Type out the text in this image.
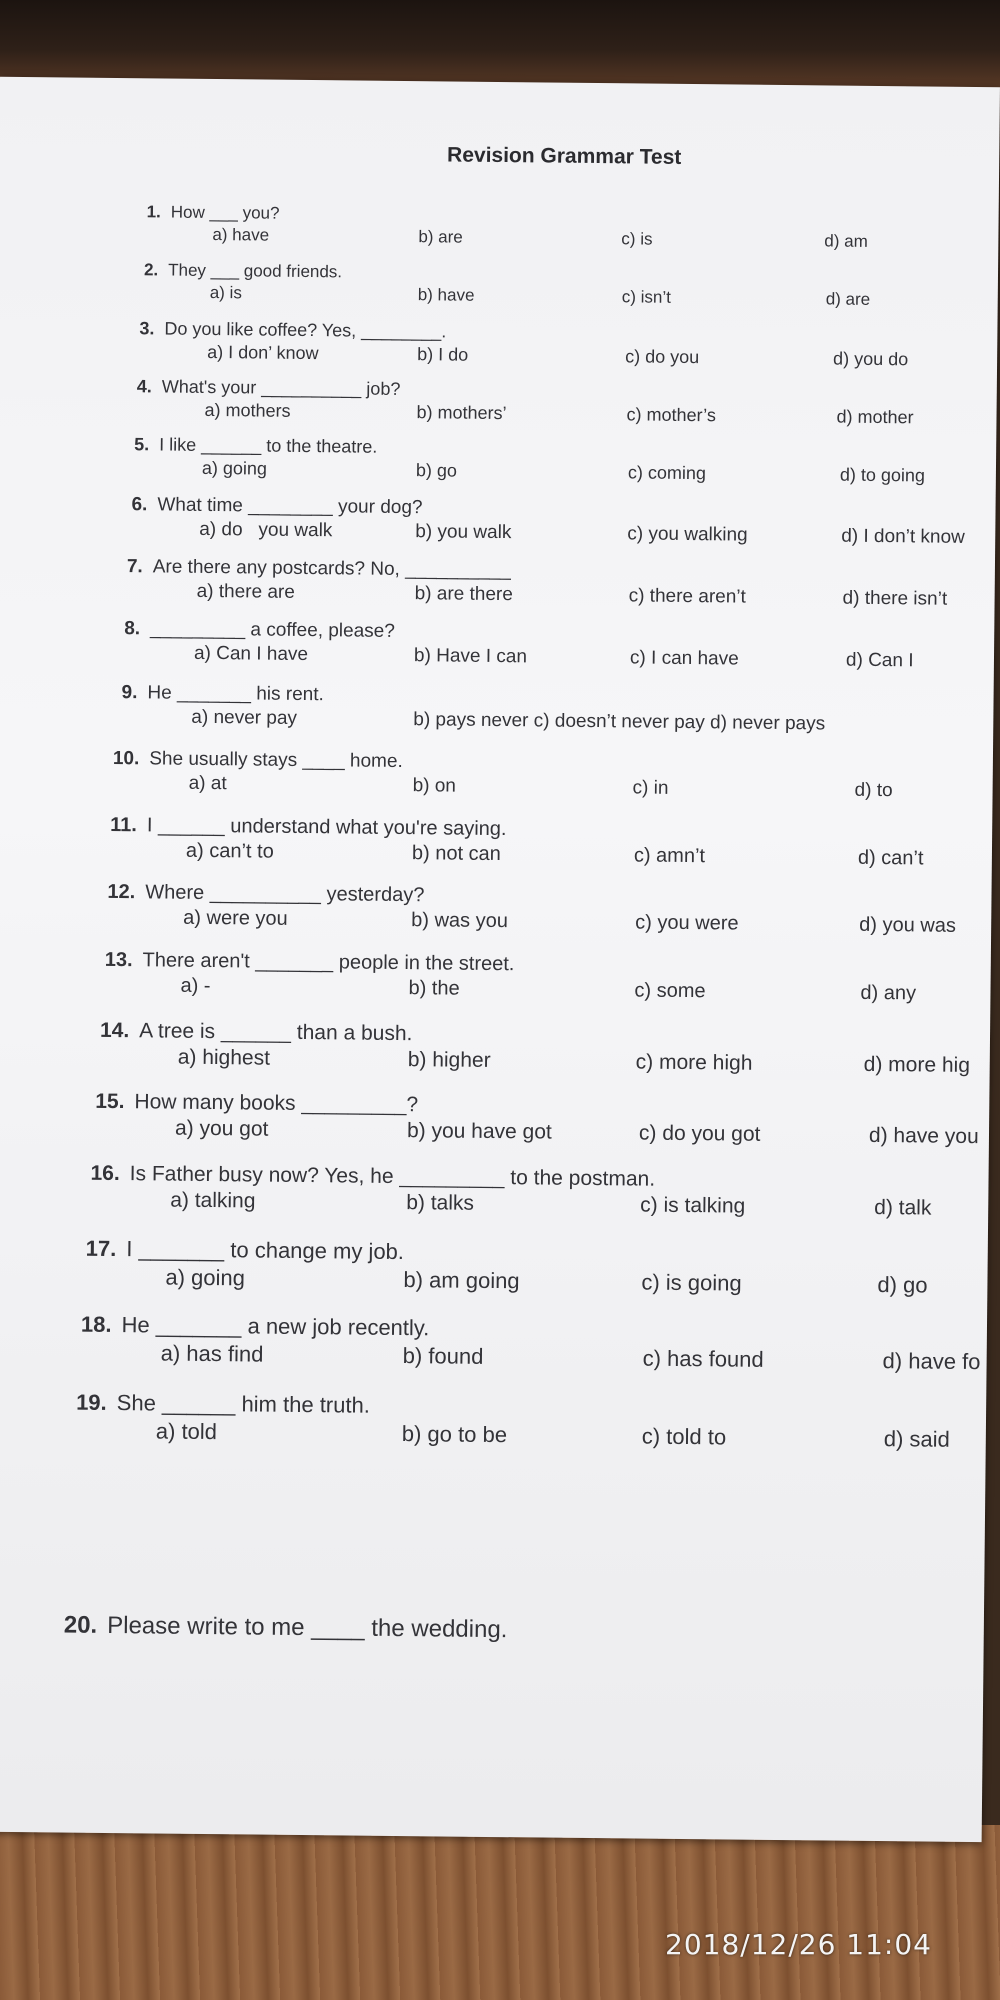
Revision Grammar Test
1. How ___ you?
a) have	b) are	c) is	d) am
2. They ___ good friends.
a) is	b) have	c) isn’t	d) are
3. Do you like coffee? Yes, ________.
a) I don’ know	b) I do	c) do you	d) you do
4. What's your __________ job?
a) mothers	b) mothers’	c) mother’s	d) mother
5. I like ______ to the theatre.
a) going	b) go	c) coming	d) to going
6. What time ________ your dog?
a) do   you walk	b) you walk	c) you walking	d) I don’t know
7. Are there any postcards? No, __________
a) there are	b) are there	c) there aren’t	d) there isn’t
8. _________ a coffee, please?
a) Can I have	b) Have I can	c) I can have	d) Can I
9. He _______ his rent.
a) never pay	b) pays never c) doesn’t never pay d) never pays
10. She usually stays ____ home.
a) at	b) on	c) in	d) to
11. I ______ understand what you're saying.
a) can’t to	b) not can	c) amn’t	d) can’t
12. Where __________ yesterday?
a) were you	b) was you	c) you were	d) you was
13. There aren't _______ people in the street.
a) -	b) the	c) some	d) any
14. A tree is ______ than a bush.
a) highest	b) higher	c) more high	d) more hig
15. How many books _________?
a) you got	b) you have got	c) do you got	d) have you
16. Is Father busy now? Yes, he _________ to the postman.
a) talking	b) talks	c) is talking	d) talk
17. I _______ to change my job.
a) going	b) am going	c) is going	d) go
18. He _______ a new job recently.
a) has find	b) found	c) has found	d) have fo
19. She ______ him the truth.
a) told	b) go to be	c) told to	d) said
20. Please write to me ____ the wedding.
2018/12/26 11:04
